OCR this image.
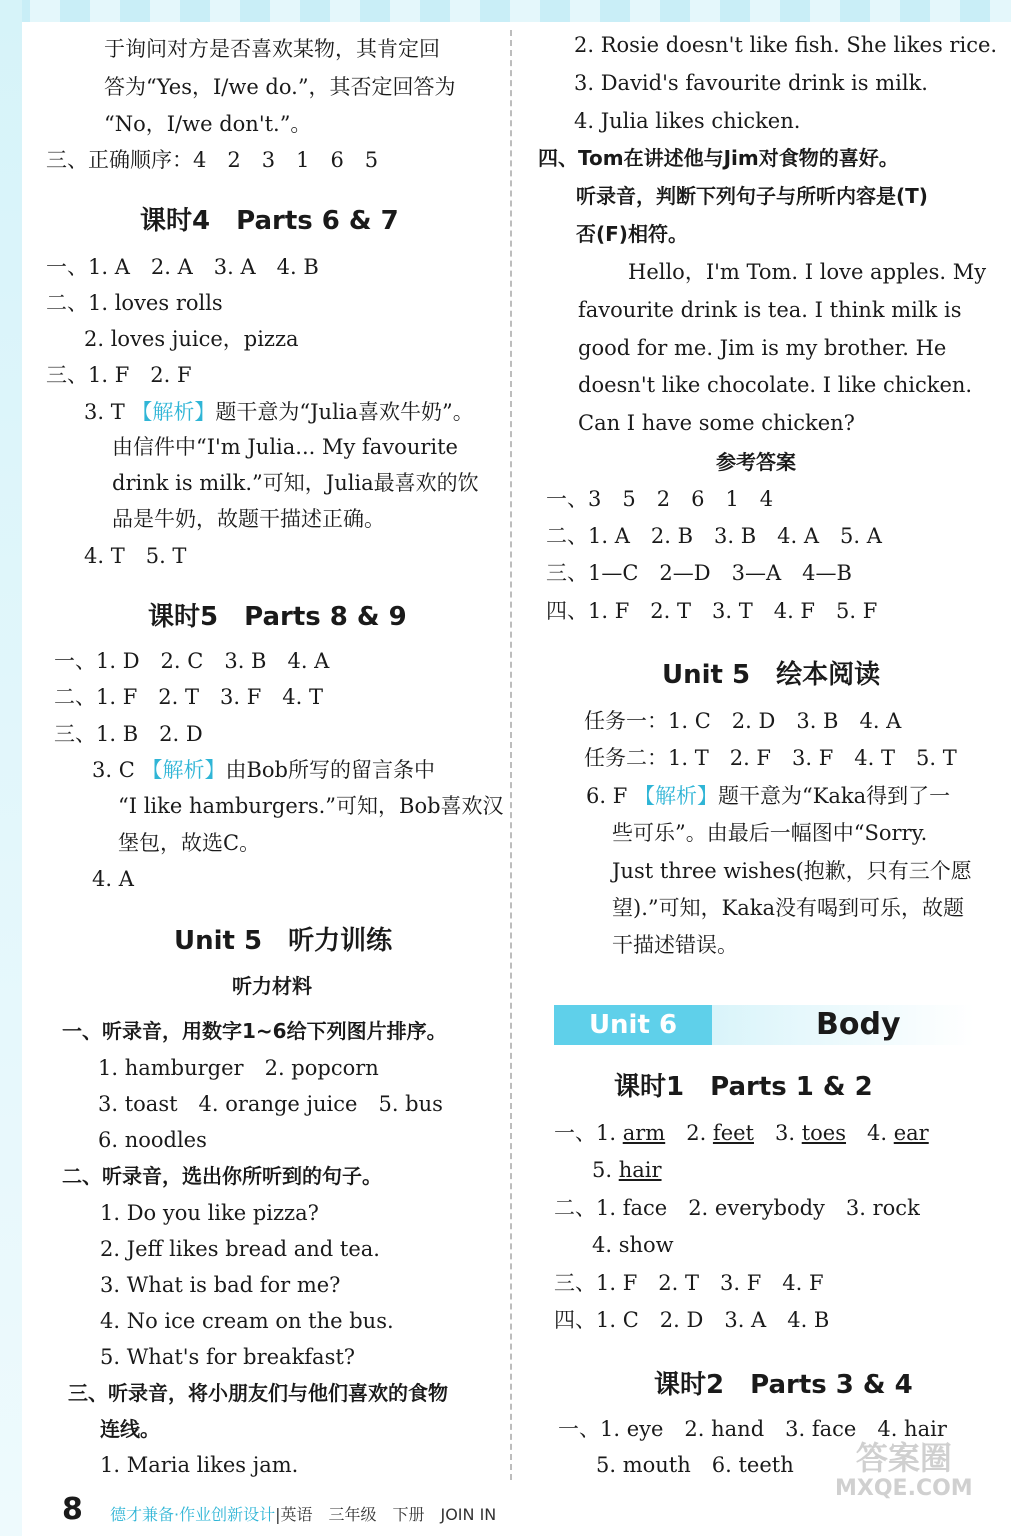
于询问对方是否喜欢某物，其肯定回
答为“Yes，I/we do.”，其否定回答为
“No，I/we don't.”。
三、正确顺序：4　2　3　1　6　5
课时4　Parts 6 & 7
一、1. A　2. A　3. A　4. B
二、1. loves rolls
2. loves juice，pizza
三、1. F　2. F
3. T 【解析】题干意为“Julia喜欢牛奶”。
由信件中“I'm Julia... My favourite
drink is milk.”可知，Julia最喜欢的饮
品是牛奶，故题干描述正确。
4. T　5. T
课时5　Parts 8 & 9
一、1. D　2. C　3. B　4. A
二、1. F　2. T　3. F　4. T
三、1. B　2. D
3. C 【解析】由Bob所写的留言条中
“I like hamburgers.”可知，Bob喜欢汉
堡包，故选C。
4. A
Unit 5　听力训练
听力材料
一、听录音，用数字1~6给下列图片排序。
1. hamburger　2. popcorn
3. toast　4. orange juice　5. bus
6. noodles
二、听录音，选出你所听到的句子。
1. Do you like pizza?
2. Jeff likes bread and tea.
3. What is bad for me?
4. No ice cream on the bus.
5. What's for breakfast?
三、听录音，将小朋友们与他们喜欢的食物
连线。
1. Maria likes jam.
2. Rosie doesn't like fish. She likes rice.
3. David's favourite drink is milk.
4. Julia likes chicken.
四、Tom在讲述他与Jim对食物的喜好。
听录音，判断下列句子与所听内容是(T)
否(F)相符。
Hello，I'm Tom. I love apples. My
favourite drink is tea. I think milk is
good for me. Jim is my brother. He
doesn't like chocolate. I like chicken.
Can I have some chicken?
参考答案
一、3　5　2　6　1　4
二、1. A　2. B　3. B　4. A　5. A
三、1—C　2—D　3—A　4—B
四、1. F　2. T　3. T　4. F　5. F
Unit 5　绘本阅读
任务一：1. C　2. D　3. B　4. A
任务二：1. T　2. F　3. F　4. T　5. T
6. F 【解析】题干意为“Kaka得到了一
些可乐”。由最后一幅图中“Sorry.
Just three wishes(抱歉，只有三个愿
望).”可知，Kaka没有喝到可乐，故题
干描述错误。
Unit 6	Body
课时1　Parts 1 & 2
一、1. arm　2. feet　3. toes　4. ear
5. hair
二、1. face　2. everybody　3. rock
4. show
三、1. F　2. T　3. F　4. F
四、1. C　2. D　3. A　4. B
课时2　Parts 3 & 4
一、1. eye　2. hand　3. face　4. hair
5. mouth　6. teeth
8 德才兼备·作业创新设计|英语　三年级　下册　JOIN IN
答案圈
MXQE.COM
